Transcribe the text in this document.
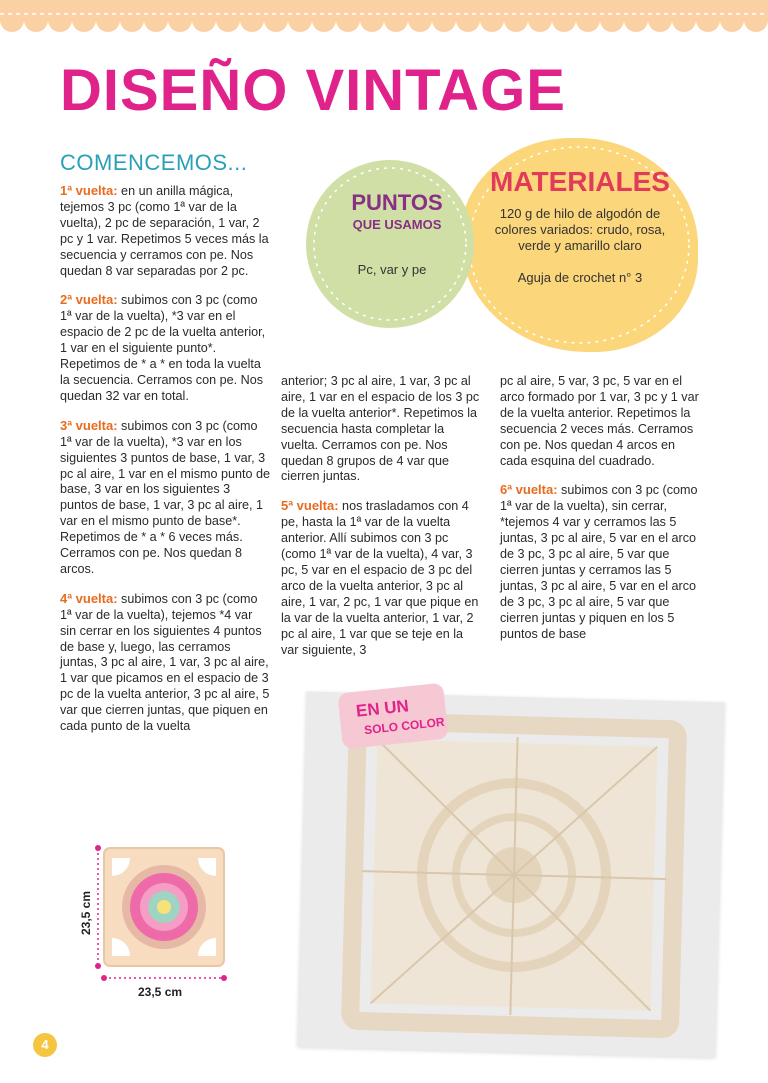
DISEÑO VINTAGE
COMENCEMOS...

1ª vuelta: en un anilla mágica, tejemos 3 pc (como 1ª var de la vuelta), 2 pc de separación, 1 var, 2 pc y 1 var. Repetimos 5 veces más la secuencia y cerramos con pe. Nos quedan 8 var separadas por 2 pc.

2ª vuelta: subimos con 3 pc (como 1ª var de la vuelta), *3 var en el espacio de 2 pc de la vuelta anterior, 1 var en el siguiente punto*. Repetimos de * a * en toda la vuelta la secuencia. Cerramos con pe. Nos quedan 32 var en total.

3ª vuelta: subimos con 3 pc (como 1ª var de la vuelta), *3 var en los siguientes 3 puntos de base, 1 var, 3 pc al aire, 1 var en el mismo punto de base, 3 var en los siguientes 3 puntos de base, 1 var, 3 pc al aire, 1 var en el mismo punto de base*. Repetimos de * a * 6 veces más. Cerramos con pe. Nos quedan 8 arcos.

4ª vuelta: subimos con 3 pc (como 1ª var de la vuelta), tejemos *4 var sin cerrar en los siguientes 4 puntos de base y, luego, las cerramos juntas, 3 pc al aire, 1 var, 3 pc al aire, 1 var que picamos en el espacio de 3 pc de la vuelta anterior, 3 pc al aire, 5 var que cierren juntas, que piquen en cada punto de la vuelta

anterior; 3 pc al aire, 1 var, 3 pc al aire, 1 var en el espacio de los 3 pc de la vuelta anterior*. Repetimos la secuencia hasta completar la vuelta. Cerramos con pe. Nos quedan 8 grupos de 4 var que cierren juntas.

5ª vuelta: nos trasladamos con 4 pe, hasta la 1ª var de la vuelta anterior. Allí subimos con 3 pc (como 1ª var de la vuelta), 4 var, 3 pc, 5 var en el espacio de 3 pc del arco de la vuelta anterior, 3 pc al aire, 1 var, 2 pc, 1 var que pique en la var de la vuelta anterior, 1 var, 2 pc al aire, 1 var que se teje en la var siguiente, 3

pc al aire, 5 var, 3 pc, 5 var en el arco formado por 1 var, 3 pc y 1 var de la vuelta anterior. Repetimos la secuencia 2 veces más. Cerramos con pe. Nos quedan 4 arcos en cada esquina del cuadrado.

6ª vuelta: subimos con 3 pc (como 1ª var de la vuelta), sin cerrar, *tejemos 4 var y cerramos las 5 juntas, 3 pc al aire, 5 var en el arco de 3 pc, 3 pc al aire, 5 var que cierren juntas y cerramos las 5 juntas, 3 pc al aire, 5 var en el arco de 3 pc, 3 pc al aire, 5 var que cierren juntas y piquen en los 5 puntos de base

MATERIALES
120 g de hilo de algodón de colores variados: crudo, rosa, verde y amarillo claro
Aguja de crochet n° 3
PUNTOS
QUE USAMOS
Pc, var y pe
EN UN
SOLO COLOR
23,5 cm
23,5 cm
4
